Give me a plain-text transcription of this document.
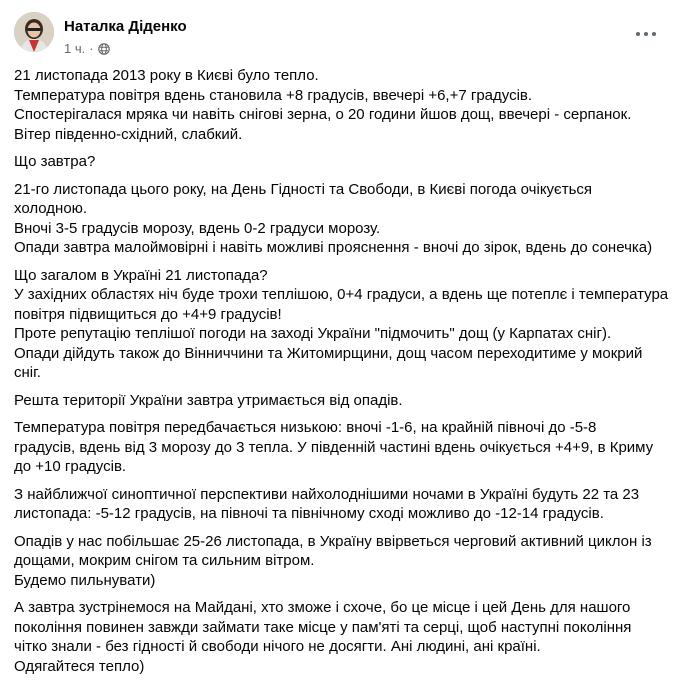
Наталка Діденко
1 ч. ·
21 листопада 2013 року в Києві було тепло.
Температура повітря вдень становила +8 градусів, ввечері +6,+7 градусів.
Спостерігалася мряка чи навіть снігові зерна, о 20 години йшов дощ, ввечері - серпанок.
Вітер південно-східний, слабкий.
Що завтра?
21-го листопада цього року, на День Гідності та Свободи, в Києві погода очікується
холодною.
Вночі 3-5 градусів морозу, вдень 0-2 градуси морозу.
Опади завтра малоймовірні і навіть можливі прояснення - вночі до зірок, вдень до сонечка)
Що загалом в Україні 21 листопада?
У західних областях ніч буде трохи теплішою, 0+4 градуси, а вдень ще потеплє і температура
повітря підвищиться до +4+9 градусів!
Проте репутацію теплішої погоди на заході України "підмочить" дощ (у Карпатах сніг).
Опади дійдуть також до Вінниччини та Житомирщини, дощ часом переходитиме у мокрий
сніг.
Решта території України завтра утримається від опадів.
Температура повітря передбачається низькою: вночі -1-6, на крайній півночі до -5-8
градусів, вдень від 3 морозу до 3 тепла. У південній частині вдень очікується +4+9, в Криму
до +10 градусів.
З найближчої синоптичної перспективи найхолоднішими ночами в Україні будуть 22 та 23
листопада: -5-12 градусів, на півночі та північному сході можливо до -12-14 градусів.
Опадів у нас побільшає 25-26 листопада, в Україну ввірветься черговий активний циклон із
дощами, мокрим снігом та сильним вітром.
Будемо пильнувати)
А завтра зустрінемося на Майдані, хто зможе і схоче, бо це місце і цей День для нашого
покоління повинен завжди займати таке місце у пам'яті та серці, щоб наступні покоління
чітко знали - без гідності й свободи нічого не досягти. Ані людині, ані країні.
Одягайтеся тепло)
